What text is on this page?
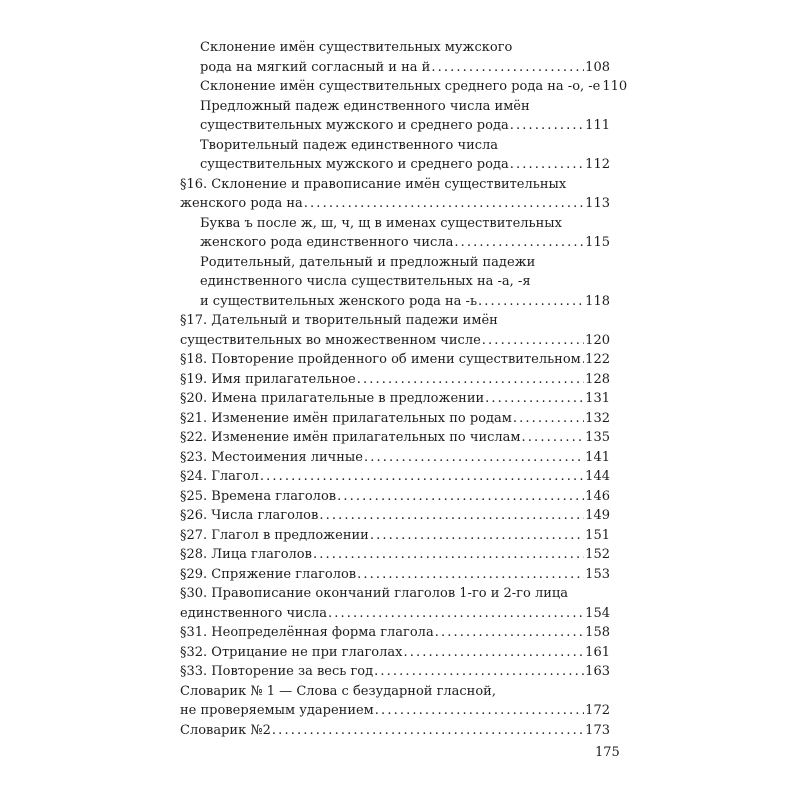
Склонение имён существительных мужского
рода на мягкий согласный и на й . . .	108
Склонение имён существительных среднего рода на -о, -е 110
Предложный падеж единственного числа имён
существительных мужского и среднего рода . . .	111
Творительный падеж единственного числа
существительных мужского и среднего рода . . .	112
§16. Склонение и правописание имён существительных
женского рода на . . .	113
Буква ъ после ж, ш, ч, щ в именах существительных
женского рода единственного числа . . .	115
Родительный, дательный и предложный падежи
единственного числа существительных на -а, -я
и существительных женского рода на -ь . . .	118
§17. Дательный и творительный падежи имён
существительных во множественном числе . . .	120
§18. Повторение пройденного об имени существительном . . . 122
§19. Имя прилагательное . . .	128
§20. Имена прилагательные в предложении . . .	131
§21. Изменение имён прилагательных по родам . . .	132
§22. Изменение имён прилагательных по числам . . .	135
§23. Местоимения личные . . .	141
§24. Глагол . . .	144
§25. Времена глаголов . . .	146
§26. Числа глаголов . . .	149
§27. Глагол в предложении . . .	151
§28. Лица глаголов . . .	152
§29. Спряжение глаголов . . .	153
§30. Правописание окончаний глаголов 1-го и 2-го лица
единственного числа . . .	154
§31. Неопределённая форма глагола . . .	158
§32. Отрицание не при глаголах . . .	161
§33. Повторение за весь год . . .	163
Словарик № 1 — Слова с безударной гласной,
не проверяемым ударением . . .	172
Словарик №2 . . .	173
175
